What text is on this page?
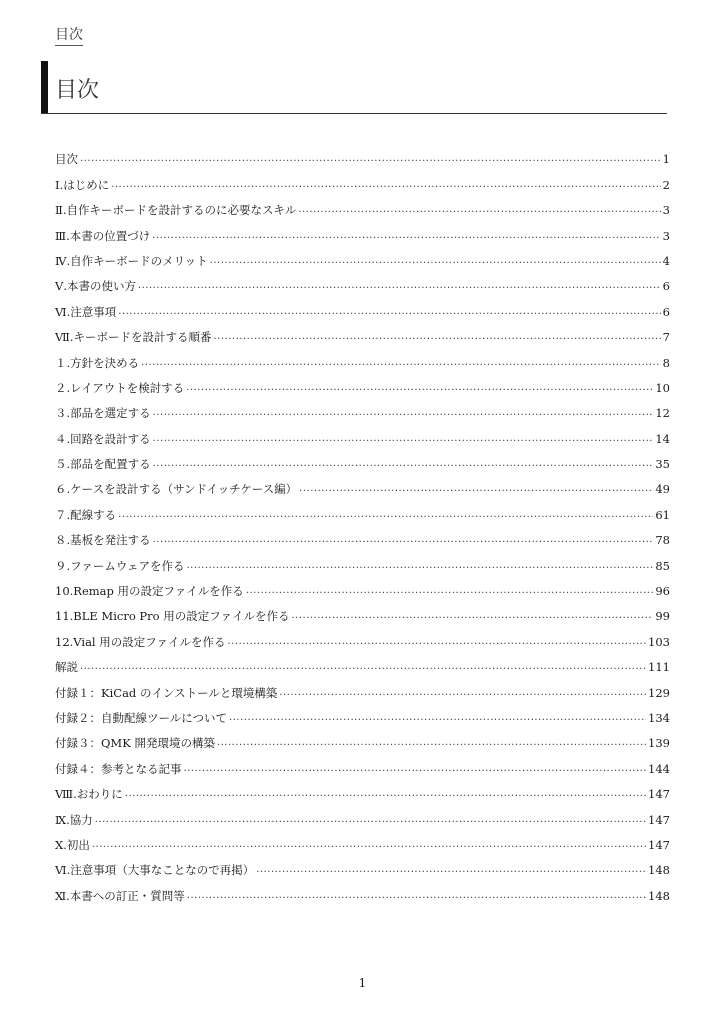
目次
目次
目次 .....	1
Ⅰ.はじめに .....	2
Ⅱ.自作キーボードを設計するのに必要なスキル .....	3
Ⅲ.本書の位置づけ .....	3
Ⅳ.自作キーボードのメリット .....	4
Ⅴ.本書の使い方 .....	6
Ⅵ.注意事項 .....	6
Ⅶ.キーボードを設計する順番 .....	7
１.方針を決める .....	8
２.レイアウトを検討する .....	10
３.部品を選定する .....	12
４.回路を設計する .....	14
５.部品を配置する .....	35
６.ケースを設計する（サンドイッチケース編） .....	49
７.配線する .....	61
８.基板を発注する .....	78
９.ファームウェアを作る .....	85
10.Remap 用の設定ファイルを作る .....	96
11.BLE Micro Pro 用の設定ファイルを作る .....	99
12.Vial 用の設定ファイルを作る .....	103
解説 .....	111
付録１：KiCad のインストールと環境構築 .....	129
付録２：自動配線ツールについて .....	134
付録３：QMK 開発環境の構築 .....	139
付録４：参考となる記事 .....	144
Ⅷ.おわりに .....	147
Ⅸ.協力 .....	147
Ⅹ.初出 .....	147
Ⅵ.注意事項（大事なことなので再掲） .....	148
Ⅺ.本書への訂正・質問等 .....	148
1
